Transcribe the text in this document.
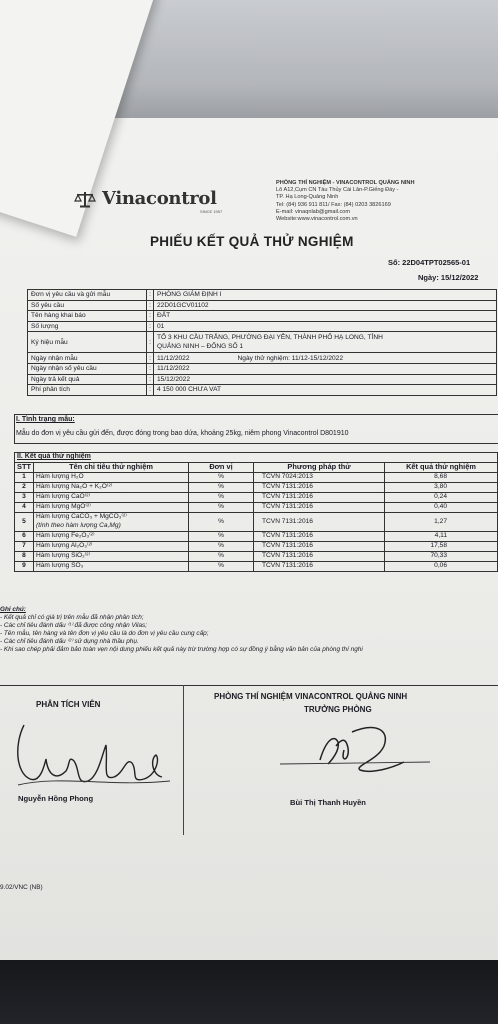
Vinacontrol
SINCE 1957
PHÒNG THÍ NGHIỆM - VINACONTROL QUẢNG NINH
Lô A12,Cụm CN Tàu Thủy Cái Lân-P.Giếng Đáy -
TP. Hạ Long-Quảng Ninh
Tel: (84) 936 911 811/ Fax: (84) 0203 3826169
E-mail: vinaqnlab@gmail.com
Website:www.vinacontrol.com.vn
PHIẾU KẾT QUẢ THỬ NGHIỆM
Số: 22D04TPT02565-01
Ngày: 15/12/2022
Đơn vị yêu cầu và gửi mẫu	:	PHÒNG GIÁM ĐỊNH I
Số yêu cầu	:	22D01GCV01102
Tên hàng khai báo	:	ĐẤT
Số lượng	:	01
Ký hiệu mẫu	:	TỔ 3 KHU CẦU TRẮNG, PHƯỜNG ĐẠI YÊN, THÀNH PHỐ HẠ LONG, TỈNH
QUẢNG NINH – ĐỐNG SỐ 1

Ngày nhận mẫu	:	11/12/2022 Ngày thử nghiệm: 11/12-15/12/2022
Ngày nhận số yêu cầu	:	11/12/2022
Ngày trả kết quả	:	15/12/2022
Phí phân tích	:	4 150 000 CHƯA VAT
I. Tình trạng mẫu:
Mẫu do đơn vị yêu cầu gửi đến, được đóng trong bao dứa, khoảng 25kg, niêm phong Vinacontrol D801910
II. Kết quả thử nghiệm				
STT	Tên chỉ tiêu thử nghiệm	Đơn vị	Phương pháp thử	Kết quả thử nghiệm
1	Hàm lượng H₂O	%	TCVN 7024:2013	8,68
2	Hàm lượng Na₂O + K₂O⁽²⁾	%	TCVN 7131:2016	3,80
3	Hàm lượng CaO⁽²⁾	%	TCVN 7131:2016	0,24
4	Hàm lượng MgO⁽²⁾	%	TCVN 7131:2016	0,40
5	Hàm lượng CaCO₃ + MgCO₃⁽²⁾
(tính theo hàm lượng Ca,Mg)	%	TCVN 7131:2016	1,27
6	Hàm lượng Fe₂O₃⁽²⁾	%	TCVN 7131:2016	4,11
7	Hàm lượng Al₂O₃⁽²⁾	%	TCVN 7131:2016	17,58
8	Hàm lượng SiO₂⁽²⁾	%	TCVN 7131:2016	70,33
9	Hàm lượng SO₃	%	TCVN 7131:2016	0,06
Ghi chú:
- Kết quả chỉ có giá trị trên mẫu đã nhận phân tích;
- Các chỉ tiêu đánh dấu ⁽¹⁾ đã được công nhận Vilas;
- Tên mẫu, tên hàng và tên đơn vị yêu cầu là do đơn vị yêu cầu cung cấp;
- Các chỉ tiêu đánh dấu ⁽²⁾ sử dụng nhà thầu phụ.
- Khi sao chép phải đảm bảo toàn vẹn nội dung phiếu kết quả này trừ trường hợp có sự đồng ý bằng văn bản của phòng thí nghi
PHÂN TÍCH VIÊN
PHÒNG THÍ NGHIỆM VINACONTROL QUẢNG NINH
TRƯỞNG PHÒNG
Nguyễn Hồng Phong	Bùi Thị Thanh Huyền
9.02/VNC (NB)
